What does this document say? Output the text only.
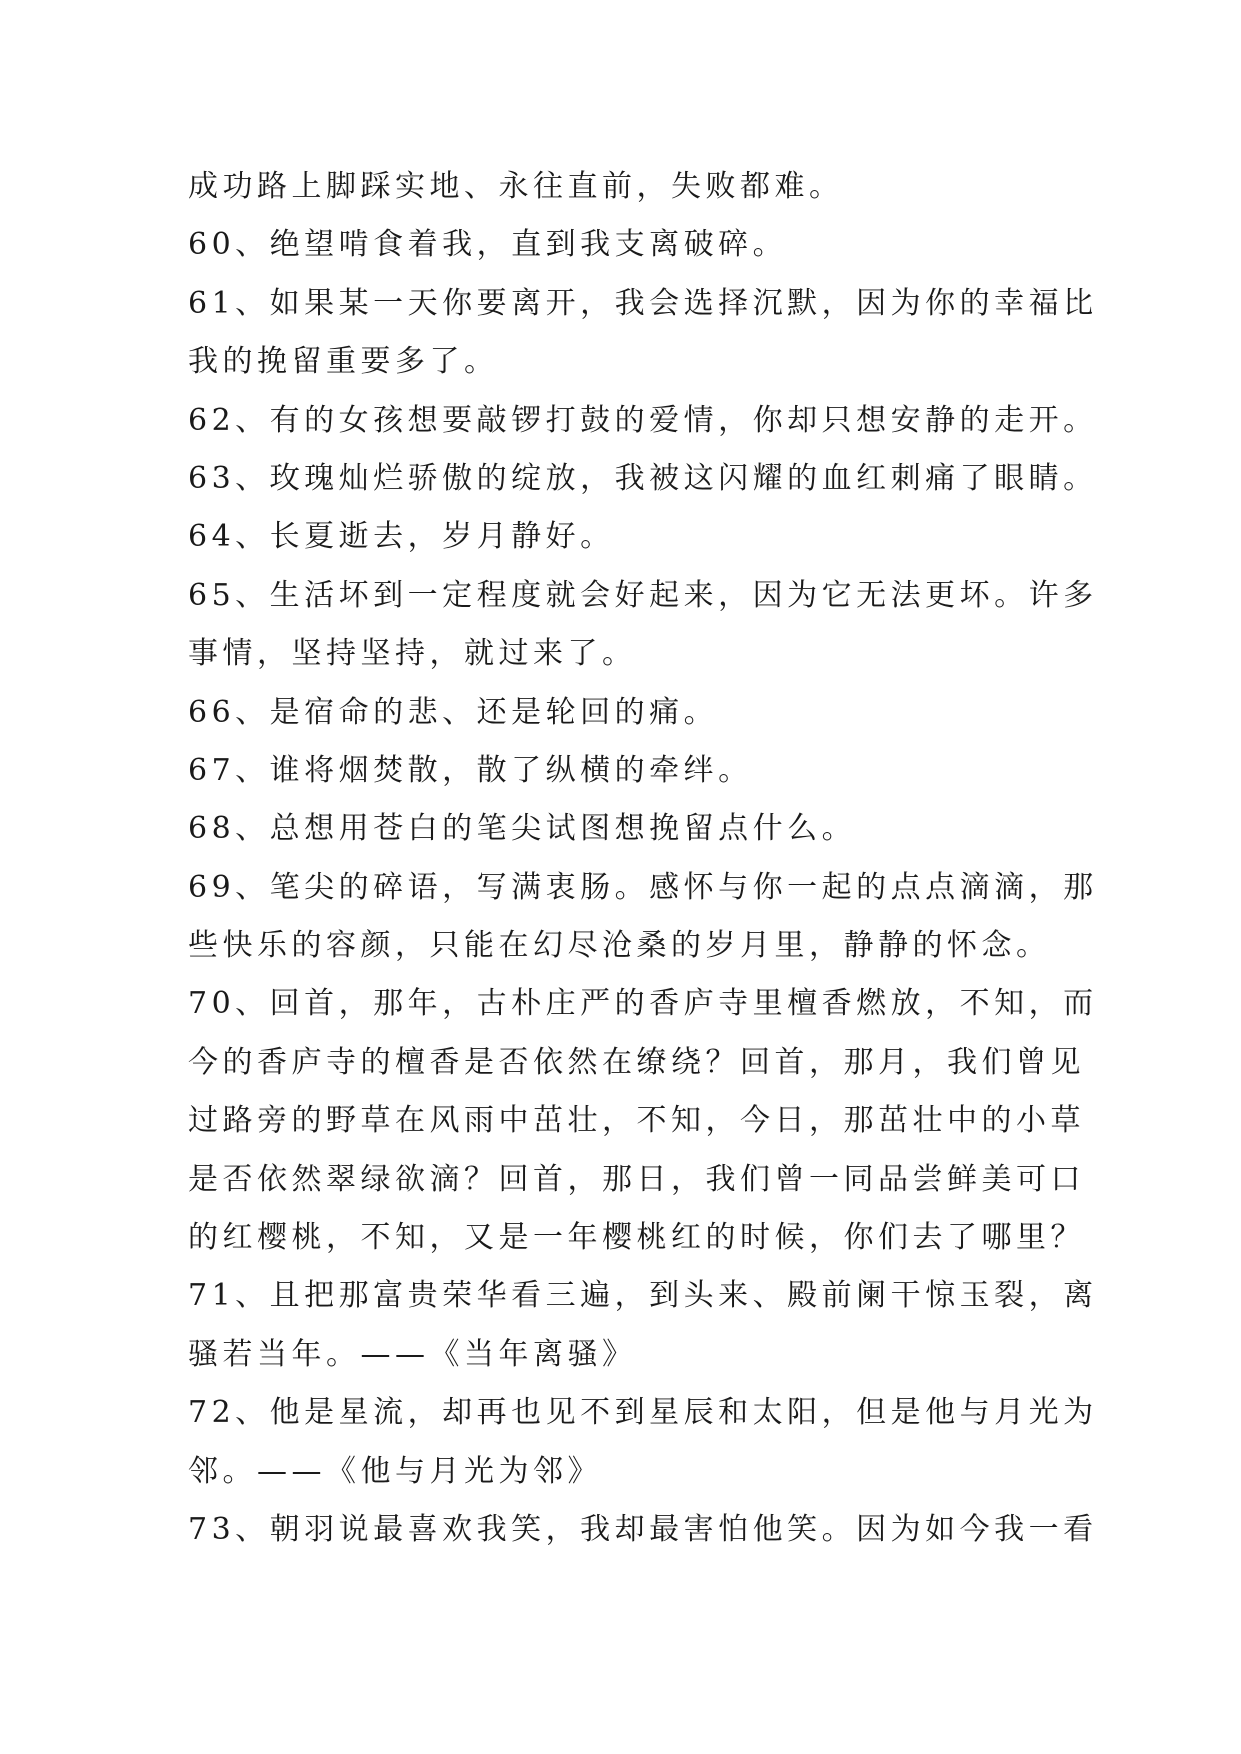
成功路上脚踩实地、永往直前，失败都难。
60、绝望啃食着我，直到我支离破碎。
61、如果某一天你要离开，我会选择沉默，因为你的幸福比
我的挽留重要多了。
62、有的女孩想要敲锣打鼓的爱情，你却只想安静的走开。
63、玫瑰灿烂骄傲的绽放，我被这闪耀的血红刺痛了眼睛。
64、长夏逝去，岁月静好。
65、生活坏到一定程度就会好起来，因为它无法更坏。许多
事情，坚持坚持，就过来了。
66、是宿命的悲、还是轮回的痛。
67、谁将烟焚散，散了纵横的牵绊。
68、总想用苍白的笔尖试图想挽留点什么。
69、笔尖的碎语，写满衷肠。感怀与你一起的点点滴滴，那
些快乐的容颜，只能在幻尽沧桑的岁月里，静静的怀念。
70、回首，那年，古朴庄严的香庐寺里檀香燃放，不知，而
今的香庐寺的檀香是否依然在缭绕？回首，那月，我们曾见
过路旁的野草在风雨中茁壮，不知，今日，那茁壮中的小草
是否依然翠绿欲滴？回首，那日，我们曾一同品尝鲜美可口
的红樱桃，不知，又是一年樱桃红的时候，你们去了哪里？
71、且把那富贵荣华看三遍，到头来、殿前阑干惊玉裂，离
骚若当年。——《当年离骚》
72、他是星流，却再也见不到星辰和太阳，但是他与月光为
邻。——《他与月光为邻》
73、朝羽说最喜欢我笑，我却最害怕他笑。因为如今我一看
